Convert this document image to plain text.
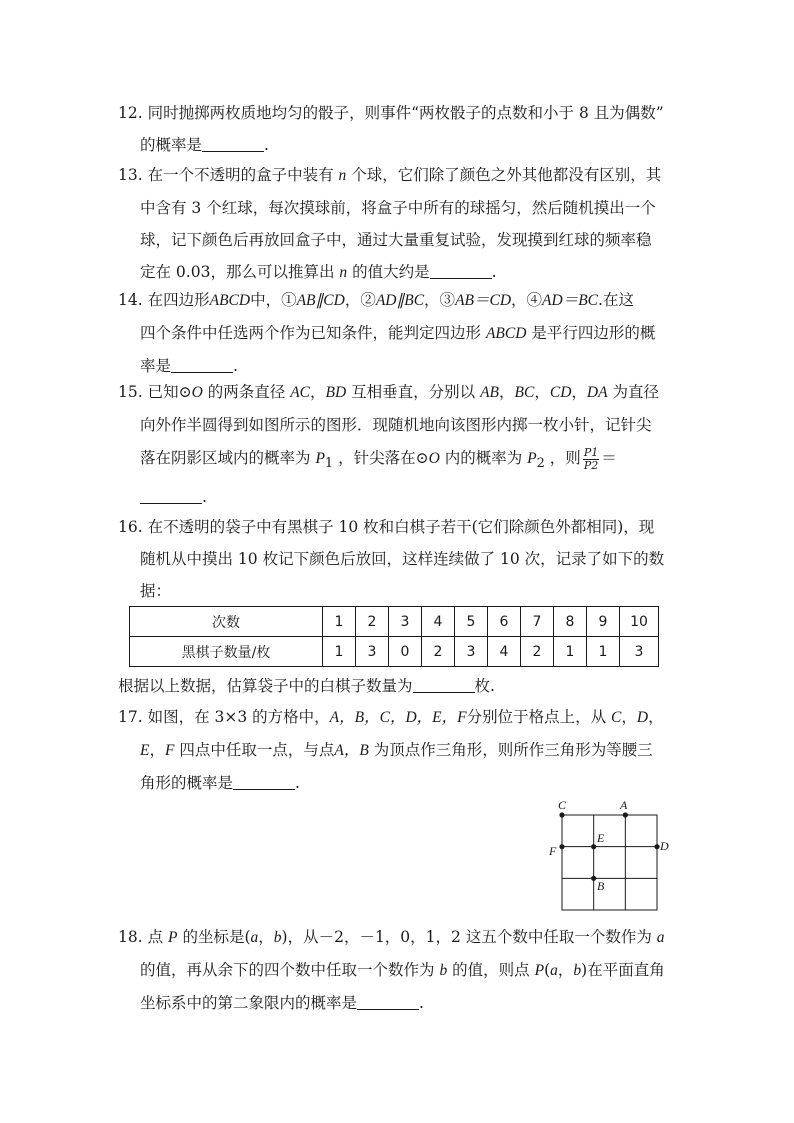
12. 同时抛掷两枚质地均匀的骰子，则事件“两枚骰子的点数和小于 8 且为偶数”
的概率是	.
13. 在一个不透明的盒子中装有 n 个球，它们除了颜色之外其他都没有区别，其
中含有 3 个红球，每次摸球前，将盒子中所有的球摇匀，然后随机摸出一个
球，记下颜色后再放回盒子中，通过大量重复试验，发现摸到红球的频率稳
定在 0.03，那么可以推算出 n 的值大约是	.
14. 在四边形ABCD中，①AB∥CD，②AD∥BC，③AB＝CD，④AD＝BC.在这
四个条件中任选两个作为已知条件，能判定四边形 ABCD 是平行四边形的概
率是	.
15. 已知⊙O 的两条直径 AC，BD 互相垂直，分别以 AB，BC，CD，DA 为直径
向外作半圆得到如图所示的图形．现随机地向该图形内掷一枚小针，记针尖
落在阴影区域内的概率为 $P_1$ ，针尖落在⊙O 内的概率为 $P_2$ ，则 $\frac{P1}{P2}$ ＝
.
16. 在不透明的袋子中有黑棋子 10 枚和白棋子若干(它们除颜色外都相同)，现
随机从中摸出 10 枚记下颜色后放回，这样连续做了 10 次，记录了如下的数
据：
次数	1	2	3	4	5	6	7	8	9	10
黑棋子数量/枚	1	3	0	2	3	4	2	1	1	3
根据以上数据，估算袋子中的白棋子数量为	枚.
17. 如图，在 3×3 的方格中，A，B，C，D，E，F分别位于格点上，从 C，D，
E，F 四点中任取一点，与点A，B 为顶点作三角形，则所作三角形为等腰三
角形的概率是	.
C	A
E
F	D
B
18. 点 P 的坐标是(a，b)，从－2，－1，0，1，2 这五个数中任取一个数作为 a
的值，再从余下的四个数中任取一个数作为 b 的值，则点 P(a，b)在平面直角
坐标系中的第二象限内的概率是	.
